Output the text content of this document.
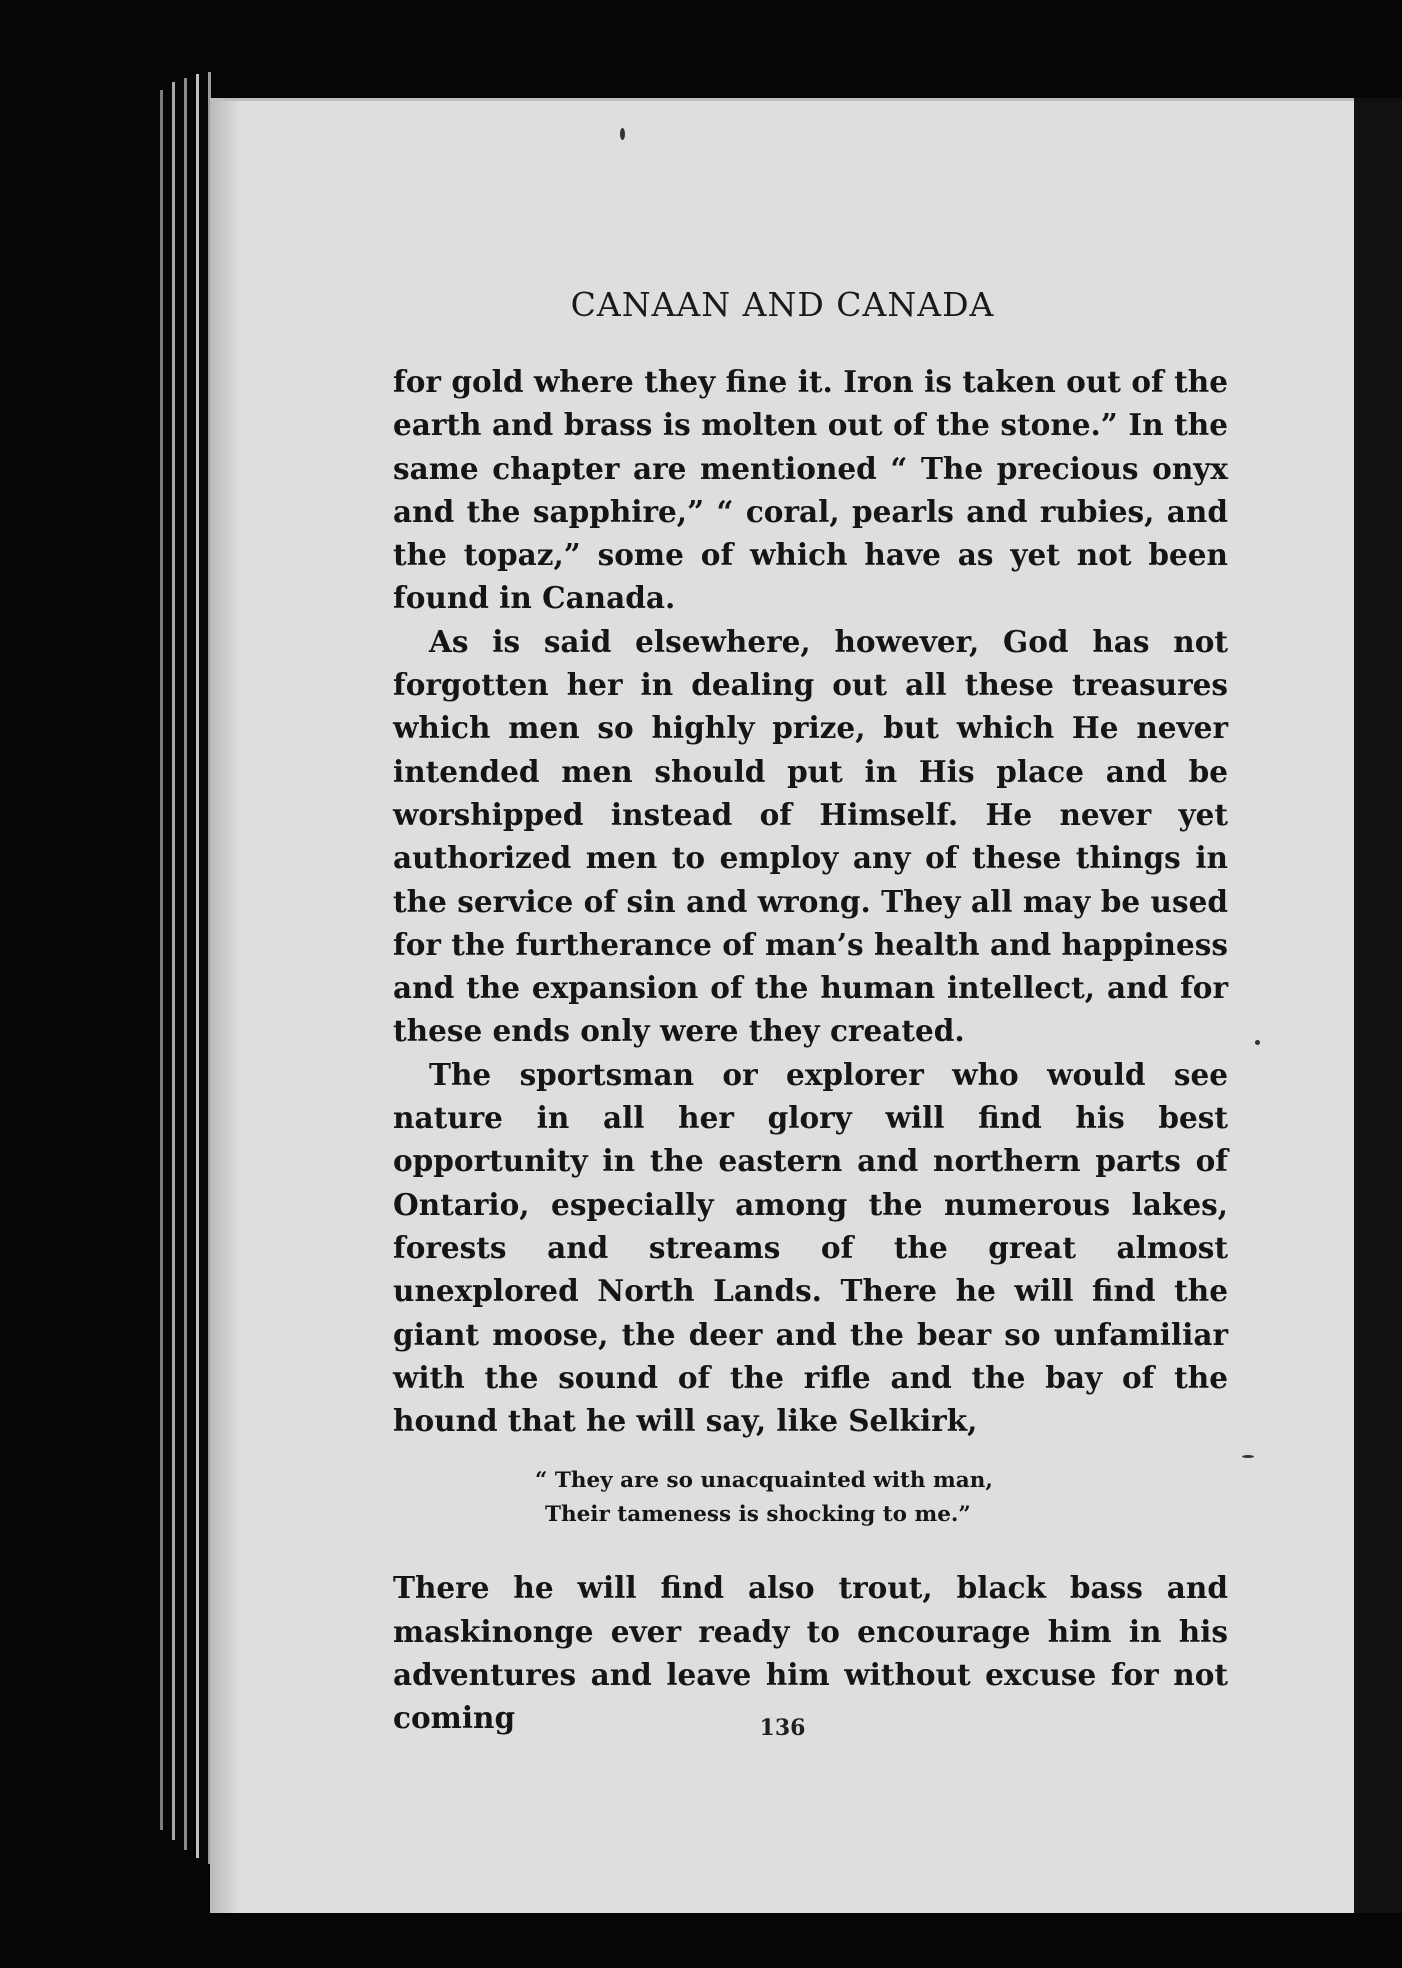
CANAAN AND CANADA

for gold where they fine it. Iron is taken out of the earth and brass is molten out of the stone.” In the same chapter are mentioned “ The precious onyx and the sapphire,” “ coral, pearls and rubies, and the topaz,” some of which have as yet not been found in Canada.

As is said elsewhere, however, God has not forgotten her in dealing out all these treasures which men so highly prize, but which He never intended men should put in His place and be worshipped instead of Himself. He never yet authorized men to employ any of these things in the service of sin and wrong. They all may be used for the furtherance of man’s health and happiness and the expansion of the human intellect, and for these ends only were they created.

The sportsman or explorer who would see nature in all her glory will find his best opportunity in the eastern and northern parts of Ontario, especially among the numerous lakes, forests and streams of the great almost unexplored North Lands. There he will find the giant moose, the deer and the bear so unfamiliar with the sound of the rifle and the bay of the hound that he will say, like Selkirk,

“ They are so unacquainted with man,
Their tameness is shocking to me.”

There he will find also trout, black bass and maskinonge ever ready to encourage him in his adventures and leave him without excuse for not coming	136
